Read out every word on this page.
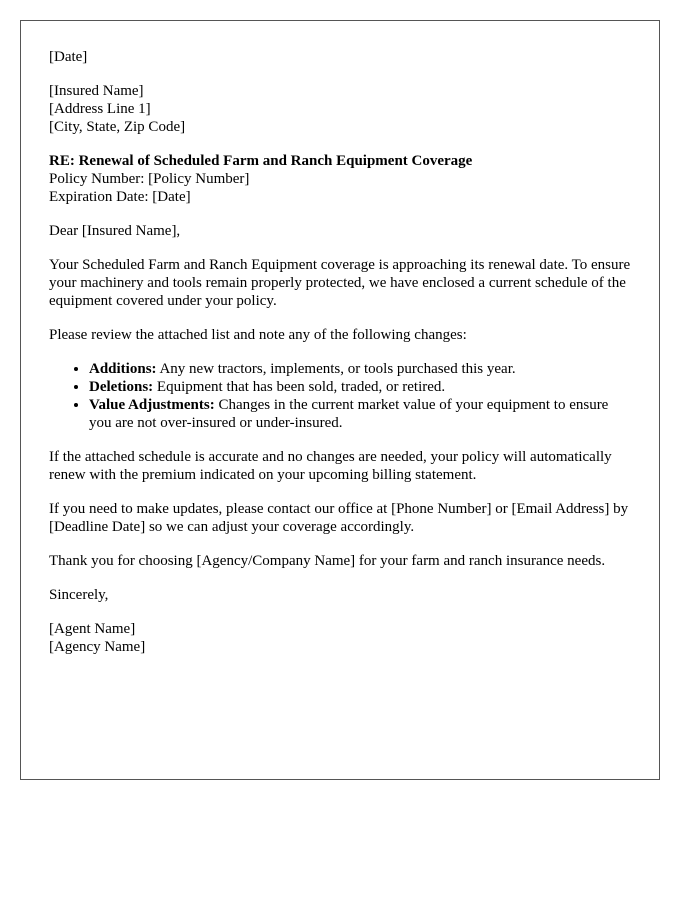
[Date]
[Insured Name]
[Address Line 1]
[City, State, Zip Code]
RE: Renewal of Scheduled Farm and Ranch Equipment Coverage
Policy Number: [Policy Number]
Expiration Date: [Date]

Dear [Insured Name],

Your Scheduled Farm and Ranch Equipment coverage is approaching its renewal date. To ensure your machinery and tools remain properly protected, we have enclosed a current schedule of the equipment covered under your policy.

Please review the attached list and note any of the following changes:

• Additions: Any new tractors, implements, or tools purchased this year.
• Deletions: Equipment that has been sold, traded, or retired.
• Value Adjustments: Changes in the current market value of your equipment to ensure you are not over-insured or under-insured.

If the attached schedule is accurate and no changes are needed, your policy will automatically renew with the premium indicated on your upcoming billing statement.

If you need to make updates, please contact our office at [Phone Number] or [Email Address] by [Deadline Date] so we can adjust your coverage accordingly.

Thank you for choosing [Agency/Company Name] for your farm and ranch insurance needs.

Sincerely,

[Agent Name]
[Agency Name]
